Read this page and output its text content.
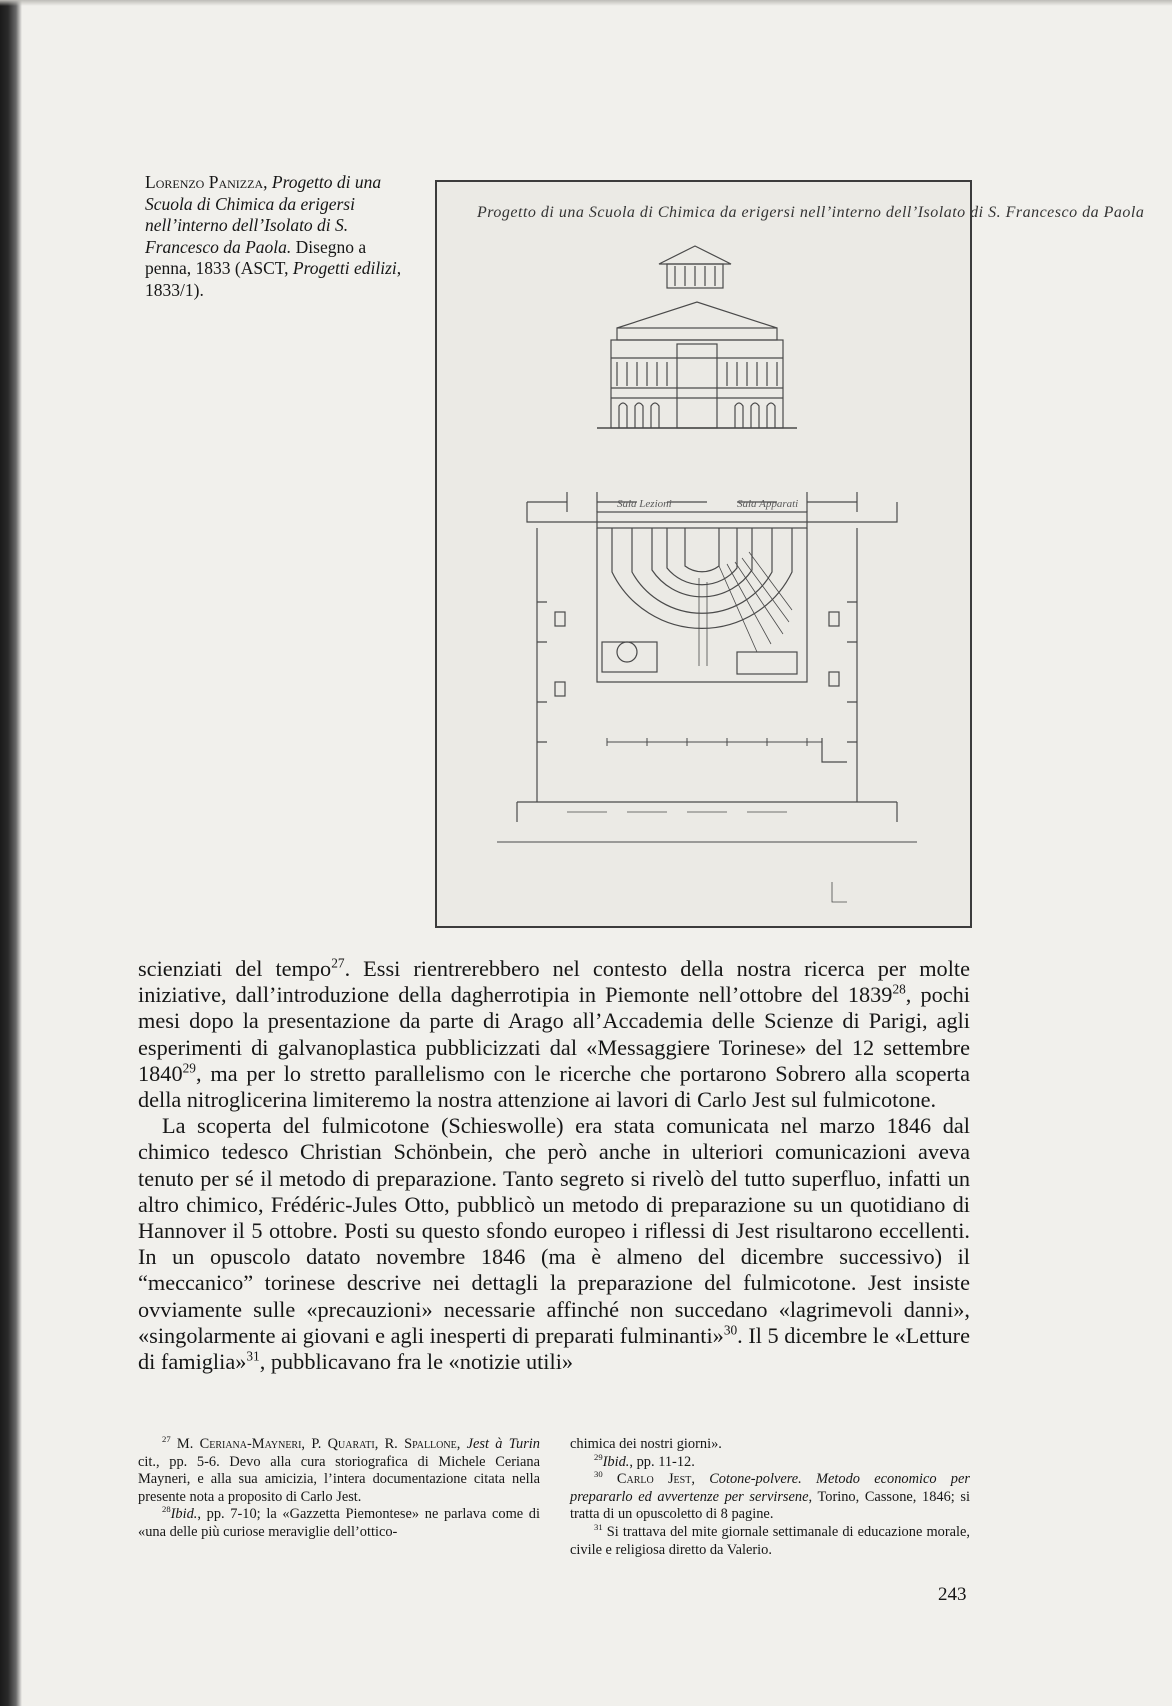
Lorenzo Panizza, Progetto di una Scuola di Chimica da erigersi nell’interno dell’Isolato di S. Francesco da Paola. Disegno a penna, 1833 (ASCT, Progetti edilizi, 1833/1).
Sala Lezioni	Sala Apparati
Progetto di una Scuola di Chimica da erigersi nell’interno dell’Isolato di S. Francesco da Paola

scienziati del tempo$^{27}$. Essi rientrerebbero nel contesto della nostra ricerca per molte iniziative, dall’introduzione della dagherrotipia in Piemonte nell’ottobre del 1839$^{28}$, pochi mesi dopo la presentazione da parte di Arago all’Accademia delle Scienze di Parigi, agli esperimenti di galvanoplastica pubblicizzati dal «Messaggiere Torinese» del 12 settembre 1840$^{29}$, ma per lo stretto parallelismo con le ricerche che portarono Sobrero alla scoperta della nitroglicerina limiteremo la nostra attenzione ai lavori di Carlo Jest sul fulmicotone.

La scoperta del fulmicotone (Schieswolle) era stata comunicata nel marzo 1846 dal chimico tedesco Christian Schönbein, che però anche in ulteriori comunicazioni aveva tenuto per sé il metodo di preparazione. Tanto segreto si rivelò del tutto superfluo, infatti un altro chimico, Frédéric-Jules Otto, pubblicò un metodo di preparazione su un quotidiano di Hannover il 5 ottobre. Posti su questo sfondo europeo i riflessi di Jest risultarono eccellenti. In un opuscolo datato novembre 1846 (ma è almeno del dicembre successivo) il “meccanico” torinese descrive nei dettagli la preparazione del fulmicotone. Jest insiste ovviamente sulle «precauzioni» necessarie affinché non succedano «lagrimevoli danni», «singolarmente ai giovani e agli inesperti di preparati fulminanti»$^{30}$. Il 5 dicembre le «Letture di famiglia»$^{31}$, pubblicavano fra le «notizie utili»

$^{27}$ M. Ceriana-Mayneri, P. Quarati, R. Spallone, Jest à Turin cit., pp. 5-6. Devo alla cura storiografica di Michele Ceriana Mayneri, e alla sua amicizia, l’intera documentazione citata nella presente nota a proposito di Carlo Jest.

$^{28}$Ibid., pp. 7-10; la «Gazzetta Piemontese» ne parlava come di «una delle più curiose meraviglie dell’ottico-

chimica dei nostri giorni».

$^{29}$Ibid., pp. 11-12.

$^{30}$ Carlo Jest, Cotone-polvere. Metodo economico per prepararlo ed avvertenze per servirsene, Torino, Cassone, 1846; si tratta di un opuscoletto di 8 pagine.

$^{31}$ Si trattava del mite giornale settimanale di educazione morale, civile e religiosa diretto da Valerio.

243
